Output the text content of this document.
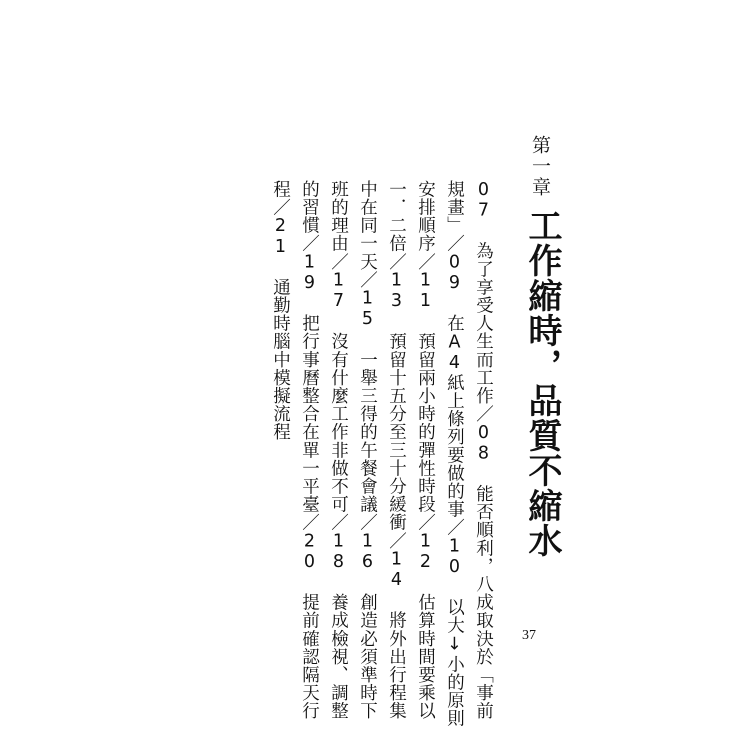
第一章
工作縮時，品質不縮水
07 為了享受人生而工作／08 能否順利，八成取決於「事前
規畫」／09 在A4紙上條列要做的事／10 以大↓小的原則
安排順序／11 預留兩小時的彈性時段／12 估算時間要乘以
一．二倍／13 預留十五分至三十分緩衝／14 將外出行程集
中在同一天／15 一舉三得的午餐會議／16 創造必須準時下
班的理由／17 沒有什麼工作非做不可／18 養成檢視、調整
的習慣／19 把行事曆整合在單一平臺／20 提前確認隔天行
程／21 通勤時腦中模擬流程
37
